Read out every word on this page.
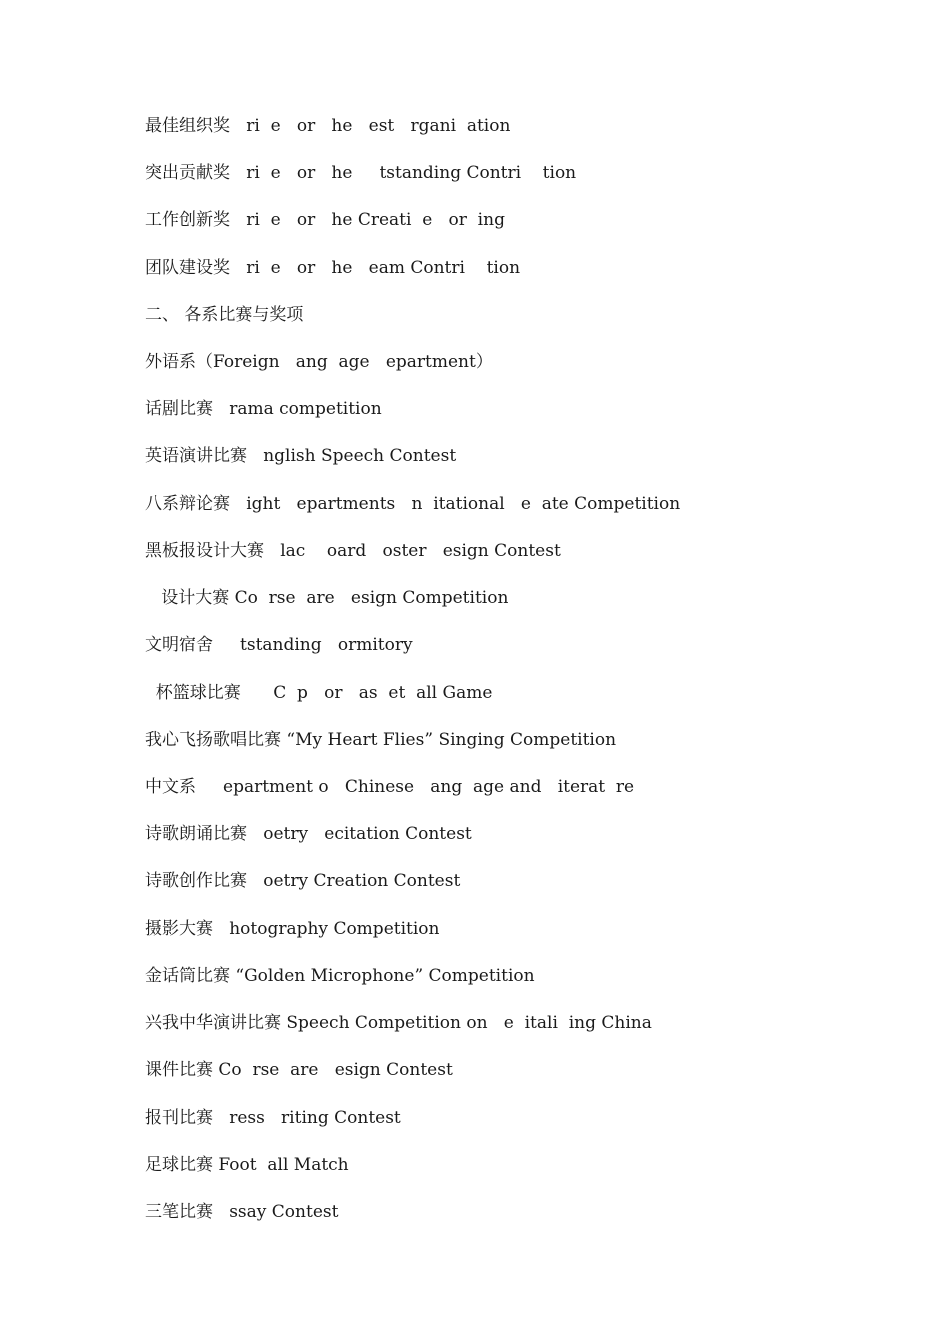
最佳组织奖   ri  e   or   he   est   rgani  ation
突出贡献奖   ri  e   or   he     tstanding Contri    tion
工作创新奖   ri  e   or   he Creati  e   or  ing
团队建设奖   ri  e   or   he   eam Contri    tion
二、 各系比赛与奖项
外语系（Foreign   ang  age   epartment）
话剧比赛   rama competition
英语演讲比赛   nglish Speech Contest
八系辩论赛   ight   epartments   n  itational   e  ate Competition
黑板报设计大赛   lac    oard   oster   esign Contest
设计大赛 Co  rse  are   esign Competition
文明宿舍     tstanding   ormitory
杯篮球比赛      C  p   or   as  et  all Game
我心飞扬歌唱比赛 “My Heart Flies” Singing Competition
中文系     epartment o   Chinese   ang  age and   iterat  re
诗歌朗诵比赛   oetry   ecitation Contest
诗歌创作比赛   oetry Creation Contest
摄影大赛   hotography Competition
金话筒比赛 “Golden Microphone” Competition
兴我中华演讲比赛 Speech Competition on   e  itali  ing China
课件比赛 Co  rse  are   esign Contest
报刊比赛   ress   riting Contest
足球比赛 Foot  all Match
三笔比赛   ssay Contest
